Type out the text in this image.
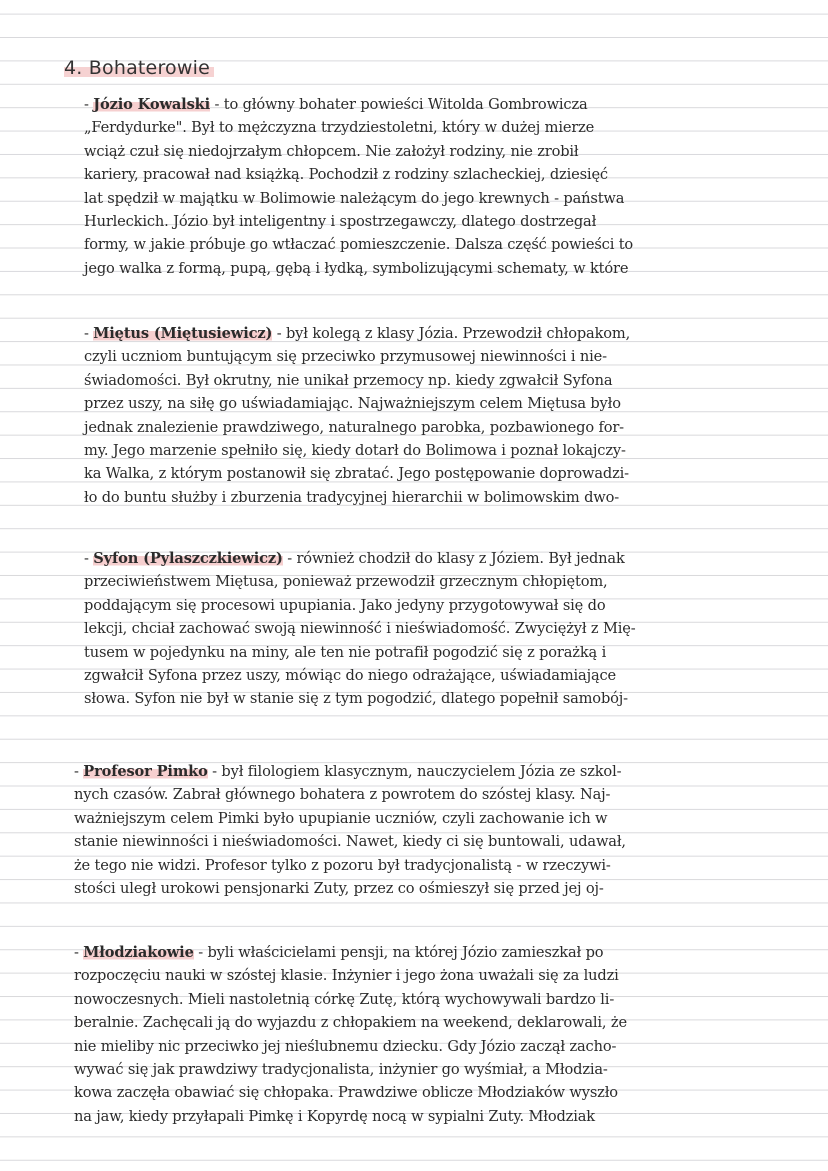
4. Bohaterowie
- Józio Kowalski - to główny bohater powieści Witolda Gombrowicza
„Ferdydurke". Był to mężczyzna trzydziestoletni, który w dużej mierze
wciąż czuł się niedojrzałym chłopcem. Nie założył rodziny, nie zrobił
kariery, pracował nad książką. Pochodził z rodziny szlacheckiej, dziesięć
lat spędził w majątku w Bolimowie należącym do jego krewnych - państwa
Hurleckich. Józio był inteligentny i spostrzegawczy, dlatego dostrzegał
formy, w jakie próbuje go wtłaczać pomieszczenie. Dalsza część powieści to
jego walka z formą, pupą, gębą i łydką, symbolizującymi schematy, w które
- Miętus (Miętusiewicz) - był kolegą z klasy Józia. Przewodził chłopakom,
czyli uczniom buntującym się przeciwko przymusowej niewinności i nie-
świadomości. Był okrutny, nie unikał przemocy np. kiedy zgwałcił Syfona
przez uszy, na siłę go uświadamiając. Najważniejszym celem Miętusa było
jednak znalezienie prawdziwego, naturalnego parobka, pozbawionego for-
my. Jego marzenie spełniło się, kiedy dotarł do Bolimowa i poznał lokajczy-
ka Walka, z którym postanowił się zbratać. Jego postępowanie doprowadzi-
ło do buntu służby i zburzenia tradycyjnej hierarchii w bolimowskim dwo-
- Syfon (Pylaszczkiewicz) - również chodził do klasy z Józiem. Był jednak
przeciwieństwem Miętusa, ponieważ przewodził grzecznym chłopiętom,
poddającym się procesowi upupiania. Jako jedyny przygotowywał się do
lekcji, chciał zachować swoją niewinność i nieświadomość. Zwyciężył z Mię-
tusem w pojedynku na miny, ale ten nie potrafił pogodzić się z porażką i
zgwałcił Syfona przez uszy, mówiąc do niego odrażające, uświadamiające
słowa. Syfon nie był w stanie się z tym pogodzić, dlatego popełnił samobój-
- Profesor Pimko - był filologiem klasycznym, nauczycielem Józia ze szkol-
nych czasów. Zabrał głównego bohatera z powrotem do szóstej klasy. Naj-
ważniejszym celem Pimki było upupianie uczniów, czyli zachowanie ich w
stanie niewinności i nieświadomości. Nawet, kiedy ci się buntowali, udawał,
że tego nie widzi. Profesor tylko z pozoru był tradycjonalistą - w rzeczywi-
stości uległ urokowi pensjonarki Zuty, przez co ośmieszył się przed jej oj-
- Młodziakowie - byli właścicielami pensji, na której Józio zamieszkał po
rozpoczęciu nauki w szóstej klasie. Inżynier i jego żona uważali się za ludzi
nowoczesnych. Mieli nastoletnią córkę Zutę, którą wychowywali bardzo li-
beralnie. Zachęcali ją do wyjazdu z chłopakiem na weekend, deklarowali, że
nie mieliby nic przeciwko jej nieślubnemu dziecku. Gdy Józio zaczął zacho-
wywać się jak prawdziwy tradycjonalista, inżynier go wyśmiał, a Młodzia-
kowa zaczęła obawiać się chłopaka. Prawdziwe oblicze Młodziaków wyszło
na jaw, kiedy przyłapali Pimkę i Kopyrdę nocą w sypialni Zuty. Młodziak
